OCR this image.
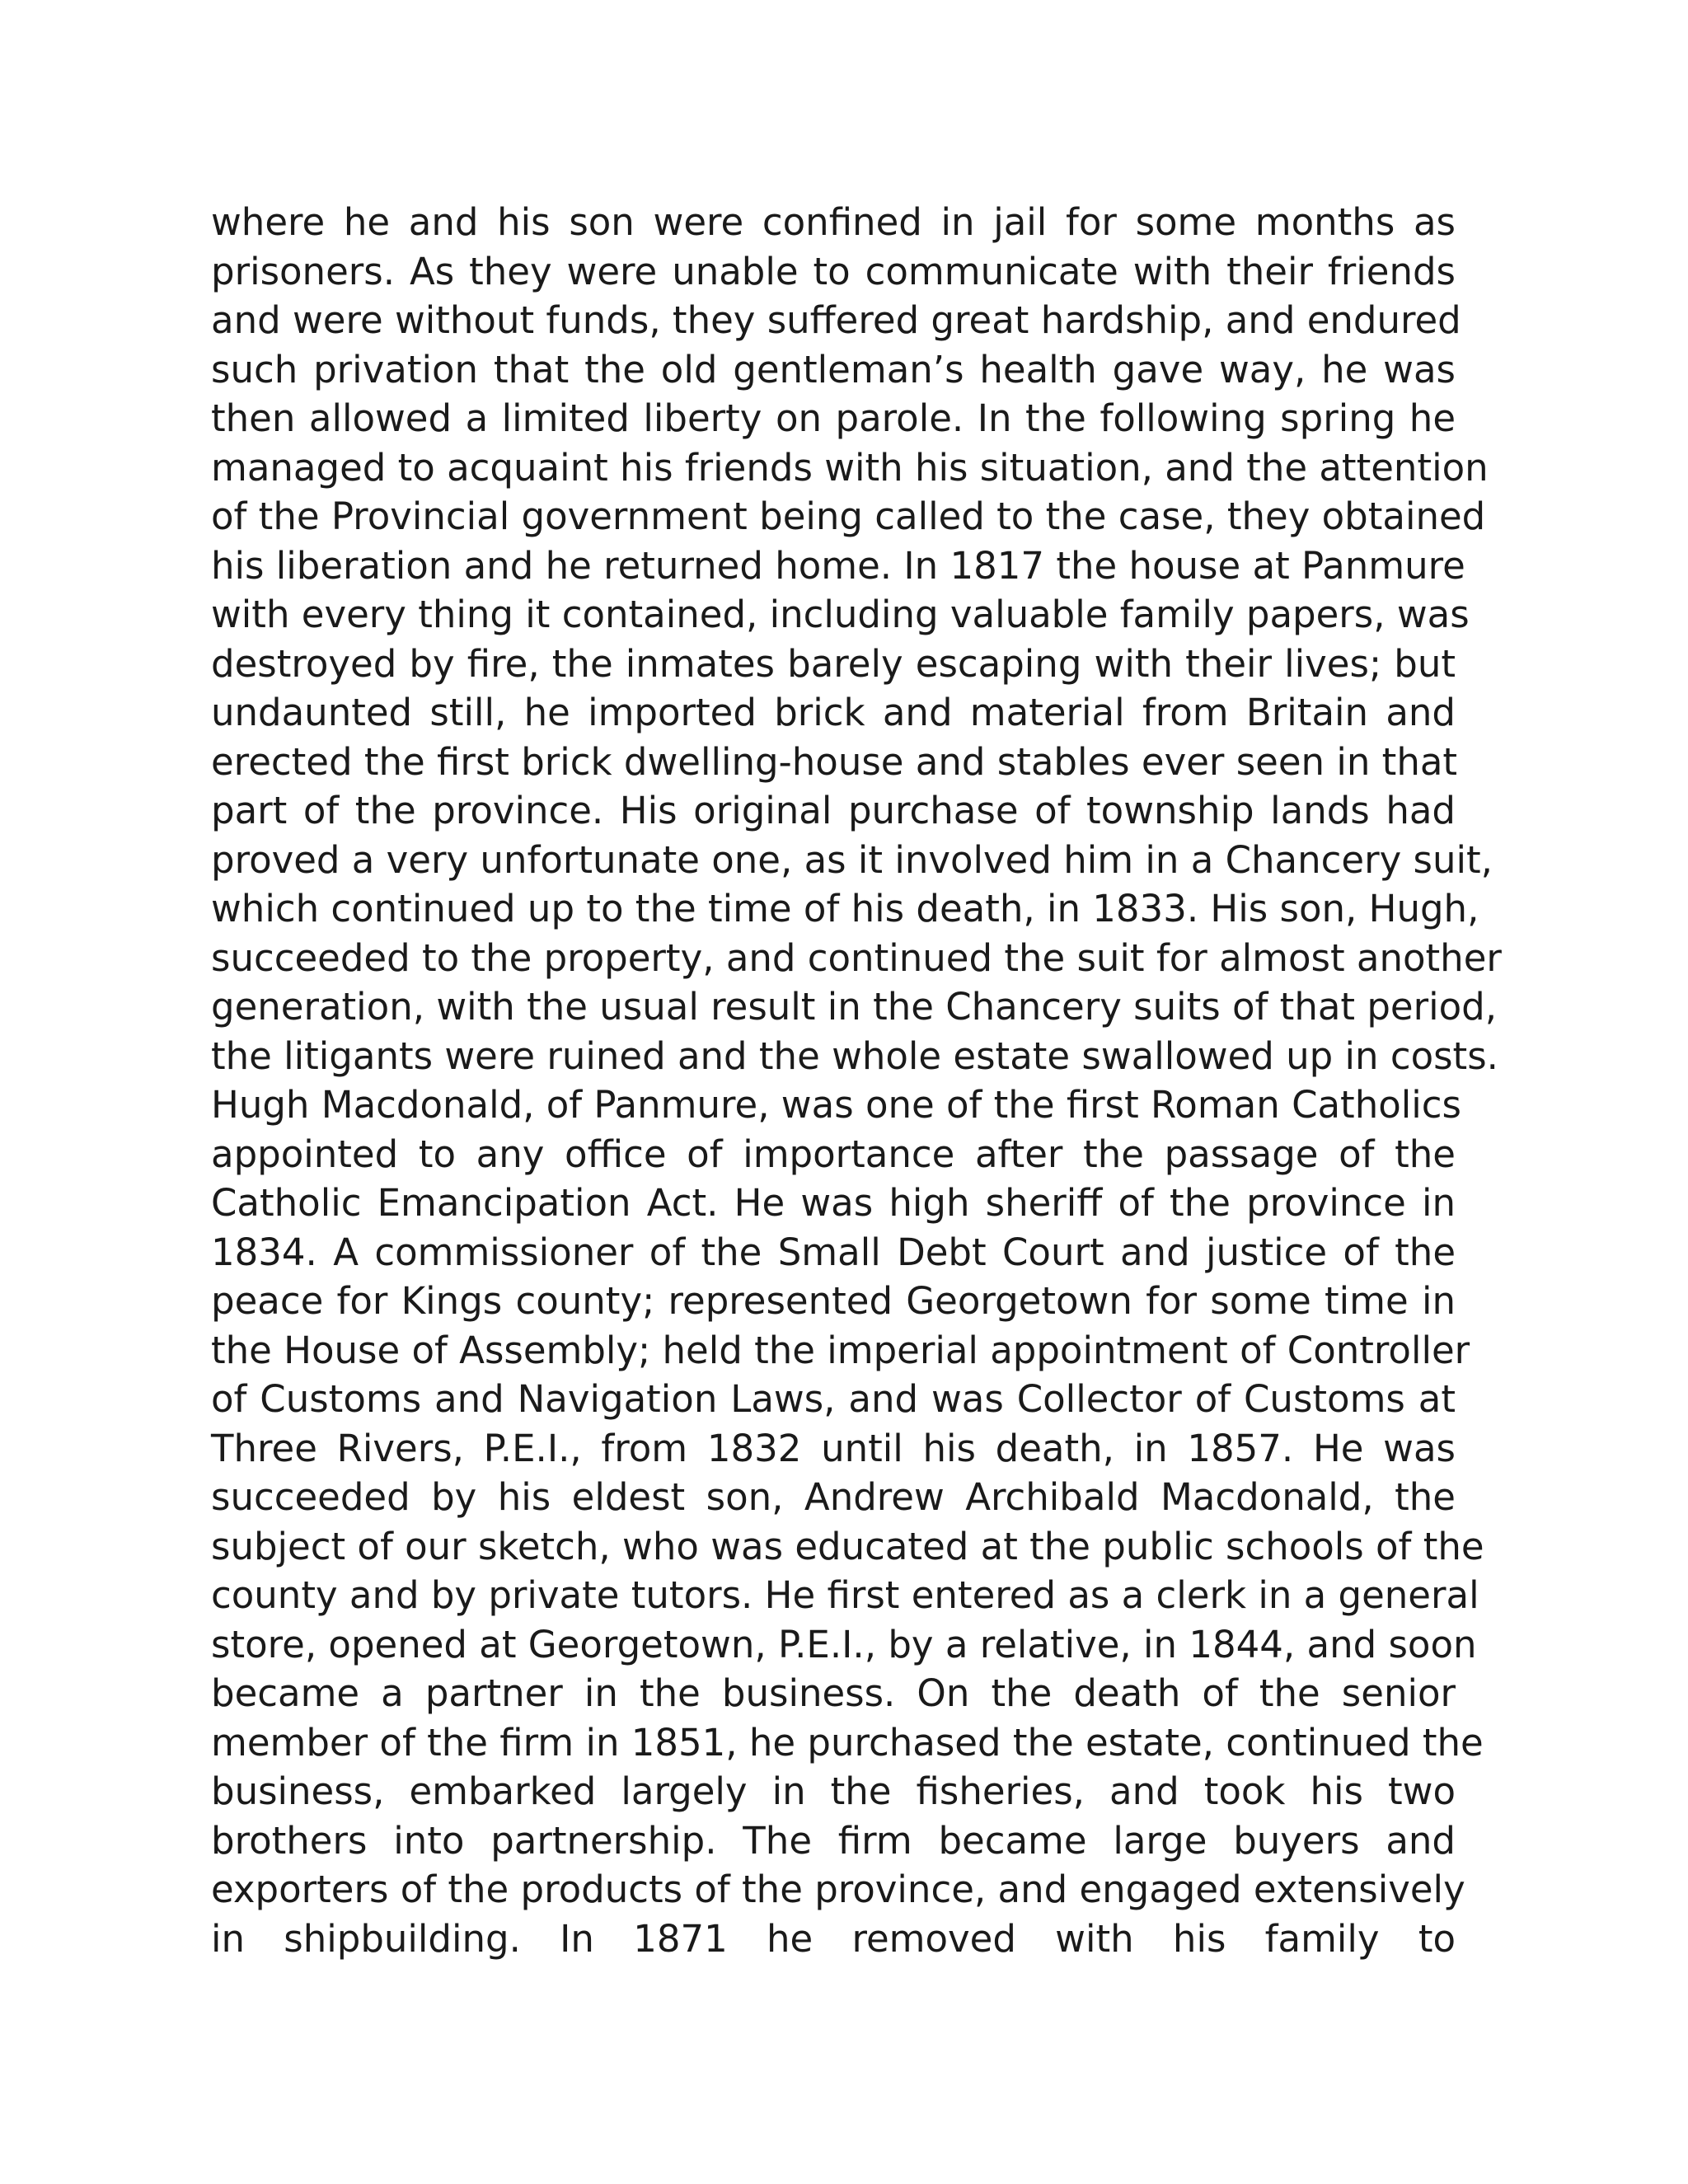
where he and his son were confined in jail for some months as
prisoners. As they were unable to communicate with their friends
and were without funds, they suffered great hardship, and endured
such privation that the old gentleman’s health gave way, he was
then allowed a limited liberty on parole. In the following spring he
managed to acquaint his friends with his situation, and the attention
of the Provincial government being called to the case, they obtained
his liberation and he returned home. In 1817 the house at Panmure
with every thing it contained, including valuable family papers, was
destroyed by fire, the inmates barely escaping with their lives; but
undaunted still, he imported brick and material from Britain and
erected the first brick dwelling-house and stables ever seen in that
part of the province. His original purchase of township lands had
proved a very unfortunate one, as it involved him in a Chancery suit,
which continued up to the time of his death, in 1833. His son, Hugh,
succeeded to the property, and continued the suit for almost another
generation, with the usual result in the Chancery suits of that period,
the litigants were ruined and the whole estate swallowed up in costs.
Hugh Macdonald, of Panmure, was one of the first Roman Catholics
appointed to any office of importance after the passage of the
Catholic Emancipation Act. He was high sheriff of the province in
1834. A commissioner of the Small Debt Court and justice of the
peace for Kings county; represented Georgetown for some time in
the House of Assembly; held the imperial appointment of Controller
of Customs and Navigation Laws, and was Collector of Customs at
Three Rivers, P.E.I., from 1832 until his death, in 1857. He was
succeeded by his eldest son, Andrew Archibald Macdonald, the
subject of our sketch, who was educated at the public schools of the
county and by private tutors. He first entered as a clerk in a general
store, opened at Georgetown, P.E.I., by a relative, in 1844, and soon
became a partner in the business. On the death of the senior
member of the firm in 1851, he purchased the estate, continued the
business, embarked largely in the fisheries, and took his two
brothers into partnership. The firm became large buyers and
exporters of the products of the province, and engaged extensively
in shipbuilding. In 1871 he removed with his family to
